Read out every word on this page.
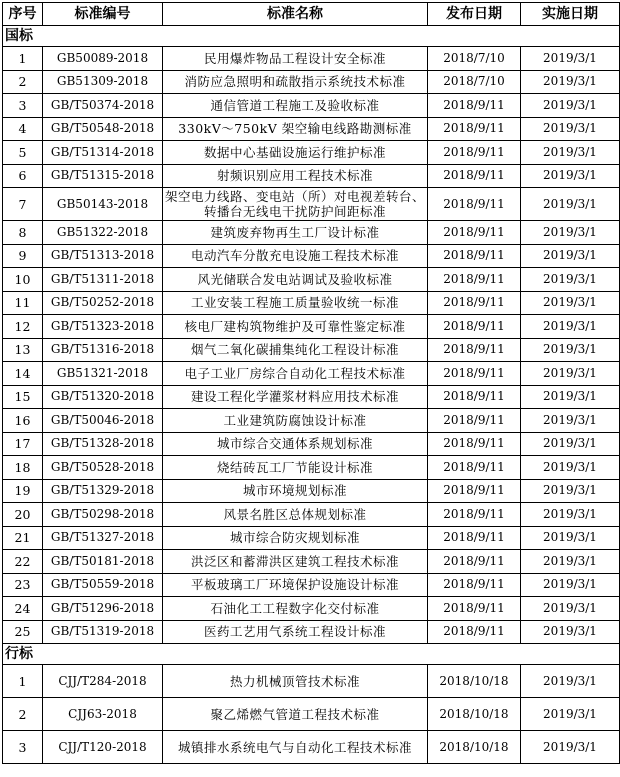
序号	标准编号	标准名称	发布日期	实施日期
国标				
1	GB50089-2018	民用爆炸物品工程设计安全标准	2018/7/10	2019/3/1
2	GB51309-2018	消防应急照明和疏散指示系统技术标准	2018/7/10	2019/3/1
3	GB/T50374-2018	通信管道工程施工及验收标准	2018/9/11	2019/3/1
4	GB/T50548-2018	330kV～750kV 架空输电线路勘测标准	2018/9/11	2019/3/1
5	GB/T51314-2018	数据中心基础设施运行维护标准	2018/9/11	2019/3/1
6	GB/T51315-2018	射频识别应用工程技术标准	2018/9/11	2019/3/1
7	GB50143-2018	架空电力线路、变电站（所）对电视差转台、转播台无线电干扰防护间距标准	2018/9/11	2019/3/1
8	GB51322-2018	建筑废弃物再生工厂设计标准	2018/9/11	2019/3/1
9	GB/T51313-2018	电动汽车分散充电设施工程技术标准	2018/9/11	2019/3/1
10	GB/T51311-2018	风光储联合发电站调试及验收标准	2018/9/11	2019/3/1
11	GB/T50252-2018	工业安装工程施工质量验收统一标准	2018/9/11	2019/3/1
12	GB/T51323-2018	核电厂建构筑物维护及可靠性鉴定标准	2018/9/11	2019/3/1
13	GB/T51316-2018	烟气二氧化碳捕集纯化工程设计标准	2018/9/11	2019/3/1
14	GB51321-2018	电子工业厂房综合自动化工程技术标准	2018/9/11	2019/3/1
15	GB/T51320-2018	建设工程化学灌浆材料应用技术标准	2018/9/11	2019/3/1
16	GB/T50046-2018	工业建筑防腐蚀设计标准	2018/9/11	2019/3/1
17	GB/T51328-2018	城市综合交通体系规划标准	2018/9/11	2019/3/1
18	GB/T50528-2018	烧结砖瓦工厂节能设计标准	2018/9/11	2019/3/1
19	GB/T51329-2018	城市环境规划标准	2018/9/11	2019/3/1
20	GB/T50298-2018	风景名胜区总体规划标准	2018/9/11	2019/3/1
21	GB/T51327-2018	城市综合防灾规划标准	2018/9/11	2019/3/1
22	GB/T50181-2018	洪泛区和蓄滞洪区建筑工程技术标准	2018/9/11	2019/3/1
23	GB/T50559-2018	平板玻璃工厂环境保护设施设计标准	2018/9/11	2019/3/1
24	GB/T51296-2018	石油化工工程数字化交付标准	2018/9/11	2019/3/1
25	GB/T51319-2018	医药工艺用气系统工程设计标准	2018/9/11	2019/3/1
行标				
1	CJJ/T284-2018	热力机械顶管技术标准	2018/10/18	2019/3/1
2	CJJ63-2018	聚乙烯燃气管道工程技术标准	2018/10/18	2019/3/1
3	CJJ/T120-2018	城镇排水系统电气与自动化工程技术标准	2018/10/18	2019/3/1
